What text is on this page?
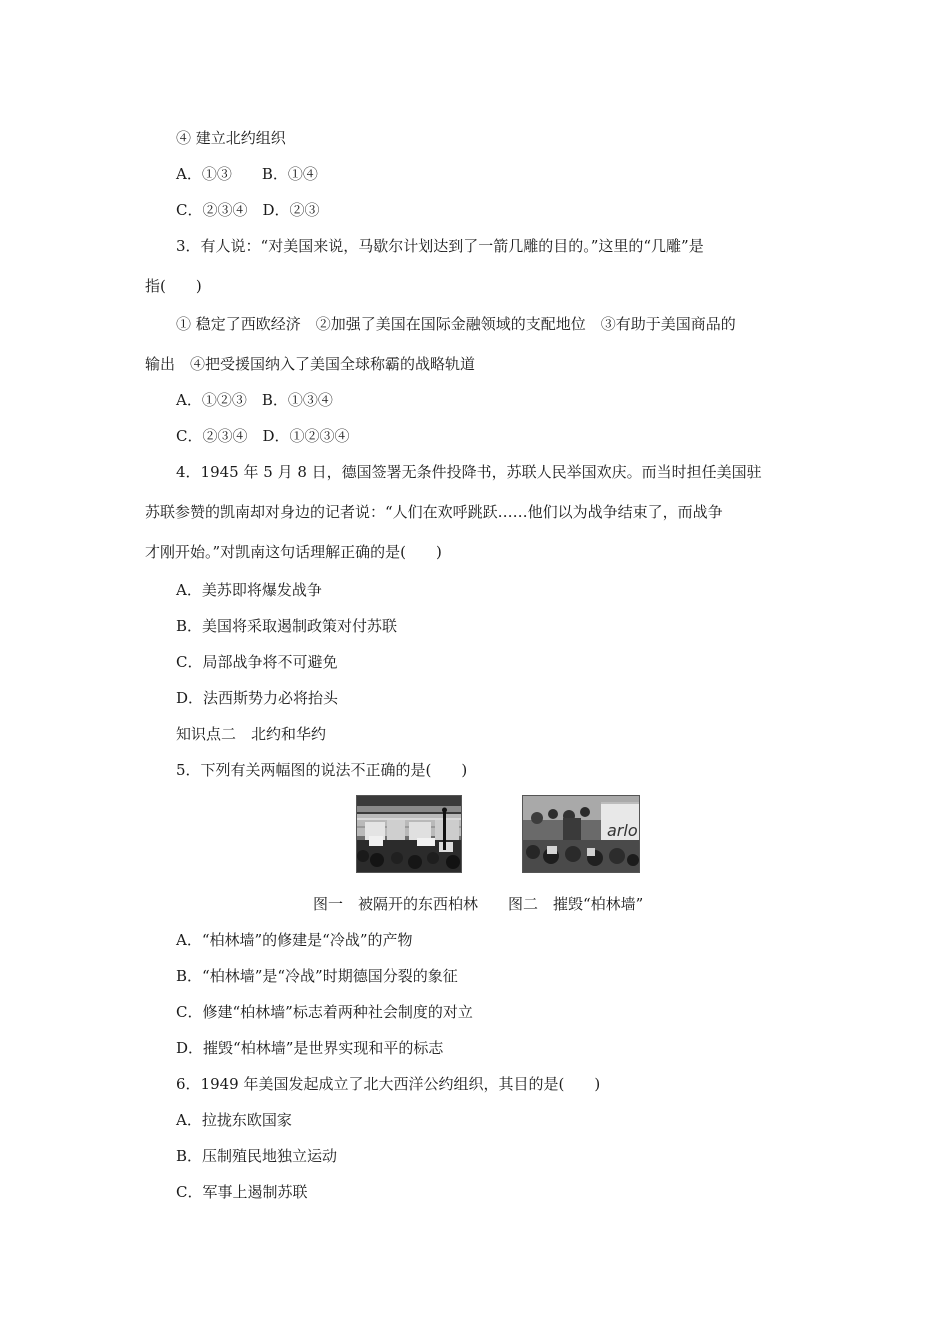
④ 建立北约组织
A．①③　　B．①④
C．②③④　D．②③
3．有人说：“对美国来说，马歇尔计划达到了一箭几雕的目的。”这里的“几雕”是
指(　　)
① 稳定了西欧经济　②加强了美国在国际金融领域的支配地位　③有助于美国商品的
输出　④把受援国纳入了美国全球称霸的战略轨道
A．①②③　B．①③④
C．②③④　D．①②③④
4．1945 年 5 月 8 日，德国签署无条件投降书，苏联人民举国欢庆。而当时担任美国驻
苏联参赞的凯南却对身边的记者说：“人们在欢呼跳跃……他们以为战争结束了，而战争
才刚开始。”对凯南这句话理解正确的是(　　)
A．美苏即将爆发战争
B．美国将采取遏制政策对付苏联
C．局部战争将不可避免
D．法西斯势力必将抬头
知识点二　北约和华约
5．下列有关两幅图的说法不正确的是(　　)
arlo
图一　被隔开的东西柏林　　图二　摧毁“柏林墙”
A．“柏林墙”的修建是“冷战”的产物
B．“柏林墙”是“冷战”时期德国分裂的象征
C．修建“柏林墙”标志着两种社会制度的对立
D．摧毁“柏林墙”是世界实现和平的标志
6．1949 年美国发起成立了北大西洋公约组织，其目的是(　　)
A．拉拢东欧国家
B．压制殖民地独立运动
C．军事上遏制苏联
